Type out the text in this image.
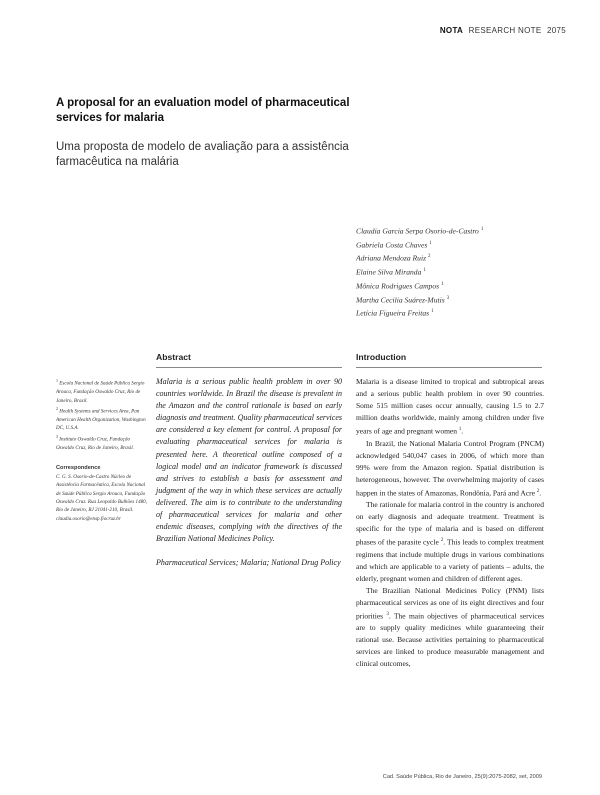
NOTA RESEARCH NOTE 2075
A proposal for an evaluation model of pharmaceutical services for malaria
Uma proposta de modelo de avaliação para a assistência farmacêutica na malária
Claudia Garcia Serpa Osorio-de-Castro $^1$
Gabriela Costa Chaves $^1$
Adriana Mendoza Ruiz $^2$
Elaine Silva Miranda $^1$
Mônica Rodrigues Campos $^1$
Martha Cecilia Suárez-Mutis $^3$
Letícia Figueira Freitas $^1$
Abstract	Introduction
$^1$ Escola Nacional de Saúde Pública Sergio Arouca, Fundação Oswaldo Cruz, Rio de Janeiro, Brasil.
$^2$ Health Systems and Services Area, Pan American Health Organization, Washington DC, U.S.A.
$^3$ Instituto Oswaldo Cruz, Fundação Oswaldo Cruz, Rio de Janeiro, Brasil.
Correspondence
C. G. S. Osorio-de-Castro Núcleo de Assistência Farmacêutica, Escola Nacional de Saúde Pública Sergio Arouca, Fundação Oswaldo Cruz. Rua Leopoldo Bulhões 1480, Rio de Janeiro, RJ 21041-210, Brasil. claudia.osorio@ensp.fiocruz.br

Malaria is a serious public health problem in over 90 countries worldwide. In Brazil the disease is prevalent in the Amazon and the control rationale is based on early diagnosis and treatment. Quality pharmaceutical services are considered a key element for control. A proposal for evaluating pharmaceutical services for malaria is presented here. A theoretical outline composed of a logical model and an indicator framework is discussed and strives to establish a basis for assessment and judgment of the way in which these services are actually delivered. The aim is to contribute to the understanding of pharmaceutical services for malaria and other endemic diseases, complying with the directives of the Brazilian National Medicines Policy.

Pharmaceutical Services; Malaria; National Drug Policy

Malaria is a disease limited to tropical and subtropical areas and a serious public health problem in over 90 countries. Some 515 million cases occur annually, causing 1.5 to 2.7 million deaths worldwide, mainly among children under five years of age and pregnant women $^1$.

In Brazil, the National Malaria Control Program (PNCM) acknowledged 540,047 cases in 2006, of which more than 99% were from the Amazon region. Spatial distribution is heterogeneous, however. The overwhelming majority of cases happen in the states of Amazonas, Rondônia, Pará and Acre $^2$.

The rationale for malaria control in the country is anchored on early diagnosis and adequate treatment. Treatment is specific for the type of malaria and is based on different phases of the parasite cycle $^2$. This leads to complex treatment regimens that include multiple drugs in various combinations and which are applicable to a variety of patients – adults, the elderly, pregnant women and children of different ages.

The Brazilian National Medicines Policy (PNM) lists pharmaceutical services as one of its eight directives and four priorities $^3$. The main objectives of pharmaceutical services are to supply quality medicines while guaranteeing their rational use. Because activities pertaining to pharmaceutical services are linked to produce measurable management and clinical outcomes,

Cad. Saúde Pública, Rio de Janeiro, 25(9):2075-2082, set, 2009
